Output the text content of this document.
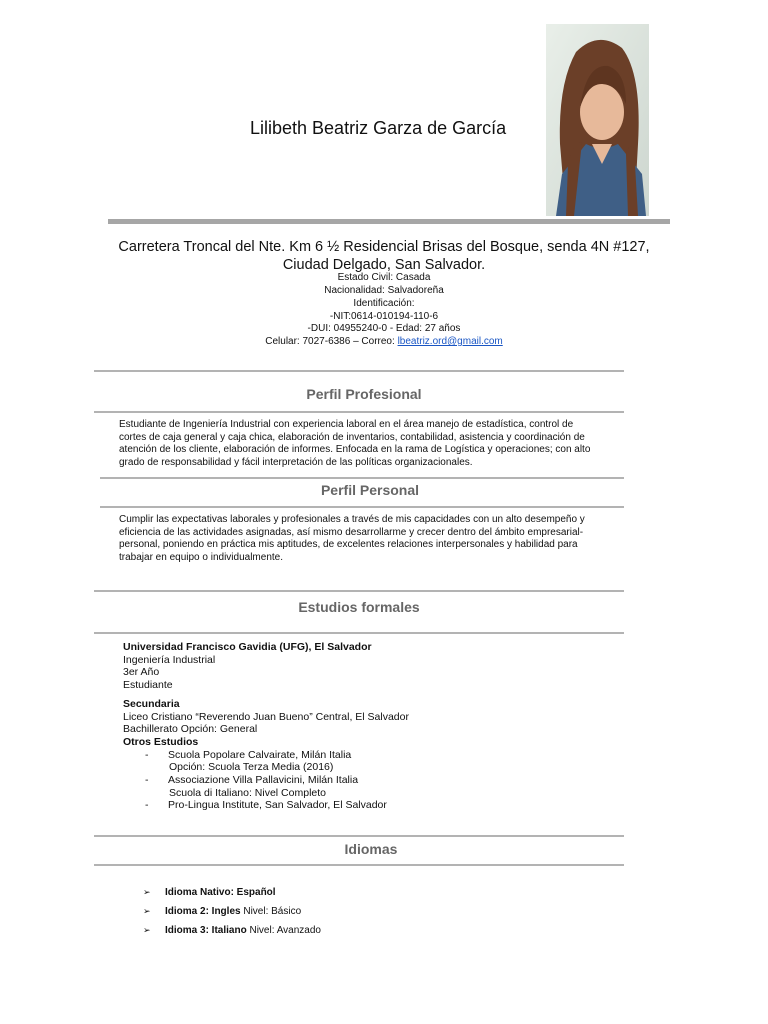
Lilibeth Beatriz Garza de García
Carretera Troncal del Nte. Km 6 ½ Residencial Brisas del Bosque, senda 4N #127,
Ciudad Delgado, San Salvador.
Estado Civil: Casada
Nacionalidad: Salvadoreña
Identificación:
-NIT:0614-010194-110-6
-DUI: 04955240-0 - Edad: 27 años
Celular: 7027-6386 – Correo: lbeatriz.ord@gmail.com
Perfil Profesional
Estudiante de Ingeniería Industrial con experiencia laboral en el área manejo de estadística, control de
cortes de caja general y caja chica, elaboración de inventarios, contabilidad, asistencia y coordinación de
atención de los cliente, elaboración de informes. Enfocada en la rama de Logística y operaciones; con alto
grado de responsabilidad y fácil interpretación de las políticas organizacionales.
Perfil Personal
Cumplir las expectativas laborales y profesionales a través de mis capacidades con un alto desempeño y
eficiencia de las actividades asignadas, así mismo desarrollarme y crecer dentro del ámbito empresarial-
personal, poniendo en práctica mis aptitudes, de excelentes relaciones interpersonales y habilidad para
trabajar en equipo o individualmente.
Estudios formales
Universidad Francisco Gavidia (UFG), El Salvador
Ingeniería Industrial
3er Año
Estudiante
Secundaria
Liceo Cristiano “Reverendo Juan Bueno” Central, El Salvador
Bachillerato Opción: General
Otros Estudios
-	Scuola Popolare Calvairate, Milán Italia
Opción: Scuola Terza Media (2016)
-	Associazione Villa Pallavicini, Milán Italia
Scuola di Italiano: Nivel Completo
-	Pro-Lingua Institute, San Salvador, El Salvador
Idiomas
➢ Idioma Nativo: Español
➢ Idioma 2: Ingles Nivel: Básico
➢ Idioma 3: Italiano Nivel: Avanzado
